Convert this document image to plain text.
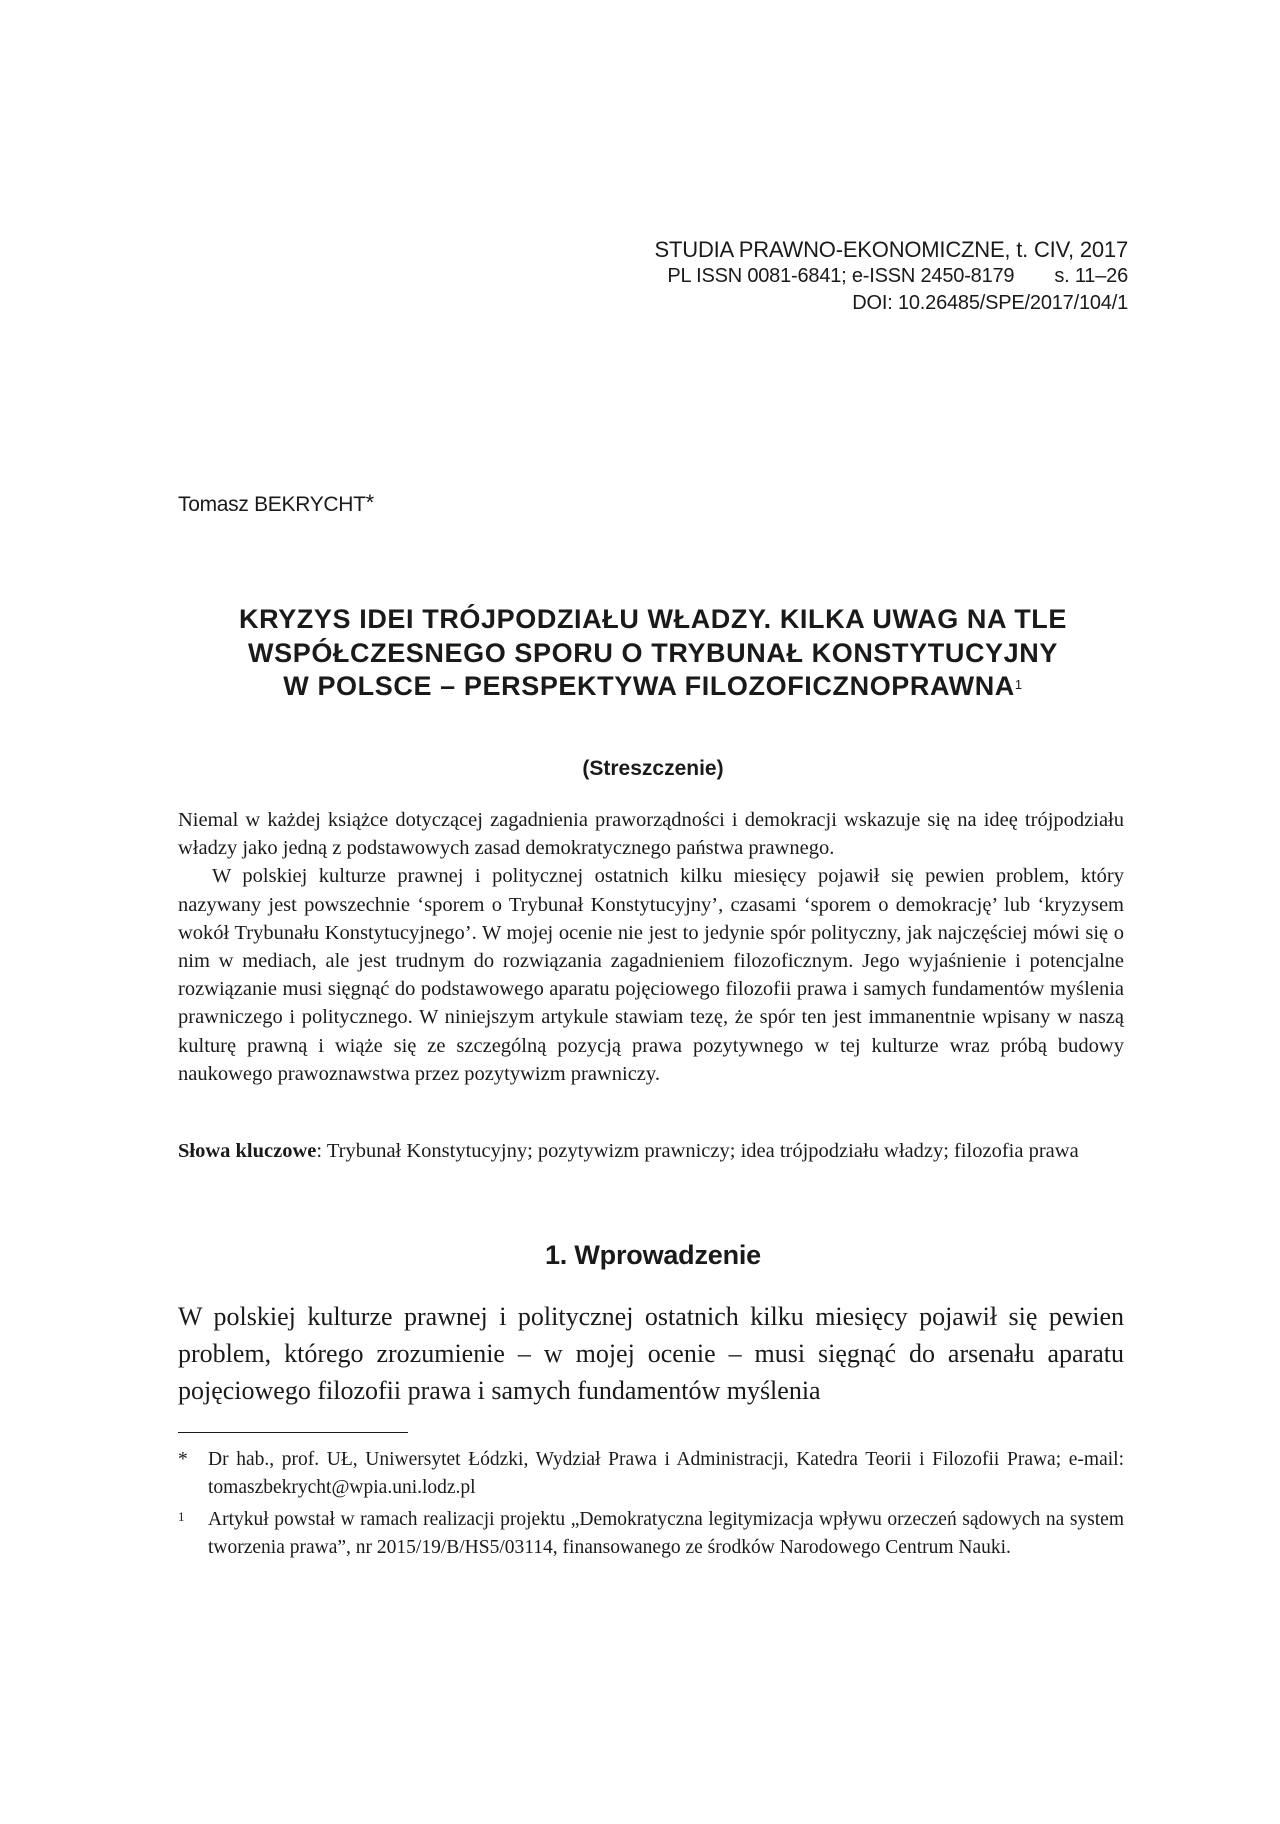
STUDIA PRAWNO-EKONOMICZNE, t. CIV, 2017
PL ISSN 0081-6841; e-ISSN 2450-8179 s. 11–26
DOI: 10.26485/SPE/2017/104/1
Tomasz BEKRYCHT*
KRYZYS IDEI TRÓJPODZIAŁU WŁADZY. KILKA UWAG NA TLE
WSPÓŁCZESNEGO SPORU O TRYBUNAŁ KONSTYTUCYJNY
W POLSCE – PERSPEKTYWA FILOZOFICZNOPRAWNA$^1$
(Streszczenie)

Niemal w każdej książce dotyczącej zagadnienia praworządności i demokracji wskazuje się na ideę trójpodziału władzy jako jedną z podstawowych zasad demokratycznego państwa prawnego.

W polskiej kulturze prawnej i politycznej ostatnich kilku miesięcy pojawił się pewien problem, który nazywany jest powszechnie ‘sporem o Trybunał Konstytucyjny’, czasami ‘sporem o demokrację’ lub ‘kryzysem wokół Trybunału Konstytucyjnego’. W mojej ocenie nie jest to jedynie spór polityczny, jak najczęściej mówi się o nim w mediach, ale jest trudnym do rozwiązania zagadnieniem filozoficznym. Jego wyjaśnienie i potencjalne rozwiązanie musi sięgnąć do podstawowego aparatu pojęciowego filozofii prawa i samych fundamentów myślenia prawniczego i politycznego. W niniejszym artykule stawiam tezę, że spór ten jest immanentnie wpisany w naszą kulturę prawną i wiąże się ze szczególną pozycją prawa pozytywnego w tej kulturze wraz próbą budowy naukowego prawoznawstwa przez pozytywizm prawniczy.

Słowa kluczowe: Trybunał Konstytucyjny; pozytywizm prawniczy; idea trójpodziału władzy; filozofia prawa
1. Wprowadzenie

W polskiej kulturze prawnej i politycznej ostatnich kilku miesięcy pojawił się pewien problem, którego zrozumienie – w mojej ocenie – musi sięgnąć do arsenału aparatu pojęciowego filozofii prawa i samych fundamentów myślenia

*	Dr hab., prof. UŁ, Uniwersytet Łódzki, Wydział Prawa i Administracji, Katedra Teorii i Filozofii Prawa; e-mail: tomaszbekrycht@wpia.uni.lodz.pl
1	Artykuł powstał w ramach realizacji projektu „Demokratyczna legitymizacja wpływu orzeczeń sądowych na system tworzenia prawa”, nr 2015/19/B/HS5/03114, finansowanego ze środków Narodowego Centrum Nauki.
